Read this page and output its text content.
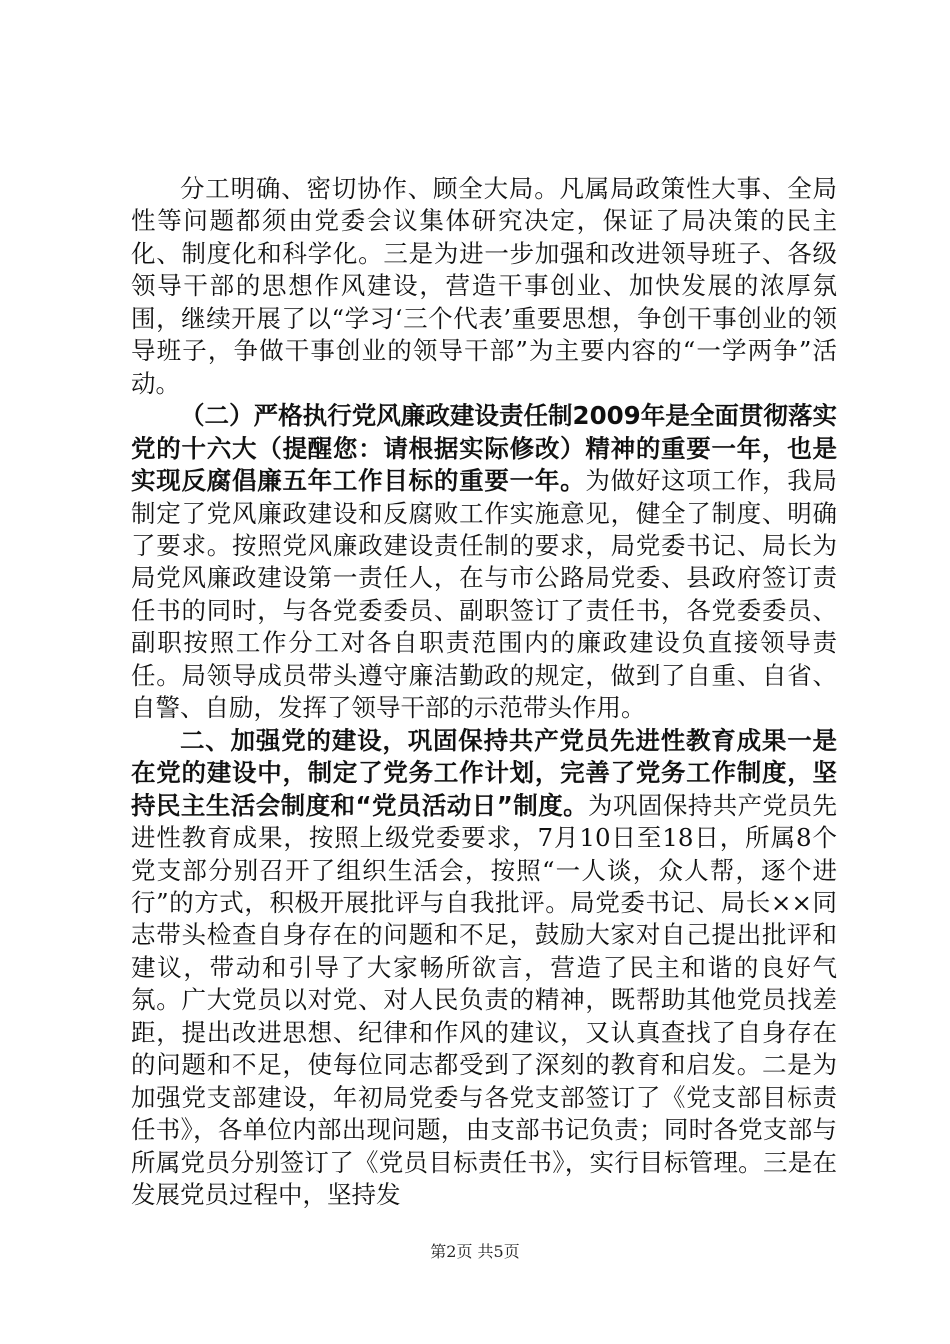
分工明确、密切协作、顾全大局。凡属局政策性大事、全局性等问题都须由党委会议集体研究决定，保证了局决策的民主化、制度化和科学化。三是为进一步加强和改进领导班子、各级领导干部的思想作风建设，营造干事创业、加快发展的浓厚氛围，继续开展了以“学习‘三个代表’重要思想，争创干事创业的领导班子，争做干事创业的领导干部”为主要内容的“一学两争”活动。

（二）严格执行党风廉政建设责任制2009年是全面贯彻落实党的十六大（提醒您：请根据实际修改）精神的重要一年，也是实现反腐倡廉五年工作目标的重要一年。为做好这项工作，我局制定了党风廉政建设和反腐败工作实施意见，健全了制度、明确了要求。按照党风廉政建设责任制的要求，局党委书记、局长为局党风廉政建设第一责任人，在与市公路局党委、县政府签订责任书的同时，与各党委委员、副职签订了责任书，各党委委员、副职按照工作分工对各自职责范围内的廉政建设负直接领导责任。局领导成员带头遵守廉洁勤政的规定，做到了自重、自省、自警、自励，发挥了领导干部的示范带头作用。

二、加强党的建设，巩固保持共产党员先进性教育成果一是在党的建设中，制定了党务工作计划，完善了党务工作制度，坚持民主生活会制度和“党员活动日”制度。为巩固保持共产党员先进性教育成果，按照上级党委要求，7月10日至18日，所属8个党支部分别召开了组织生活会，按照“一人谈，众人帮，逐个进行”的方式，积极开展批评与自我批评。局党委书记、局长××同志带头检查自身存在的问题和不足，鼓励大家对自己提出批评和建议，带动和引导了大家畅所欲言，营造了民主和谐的良好气氛。广大党员以对党、对人民负责的精神，既帮助其他党员找差距，提出改进思想、纪律和作风的建议，又认真查找了自身存在的问题和不足，使每位同志都受到了深刻的教育和启发。二是为加强党支部建设，年初局党委与各党支部签订了《党支部目标责任书》，各单位内部出现问题，由支部书记负责；同时各党支部与所属党员分别签订了《党员目标责任书》，实行目标管理。三是在发展党员过程中，坚持发

第2页 共5页
